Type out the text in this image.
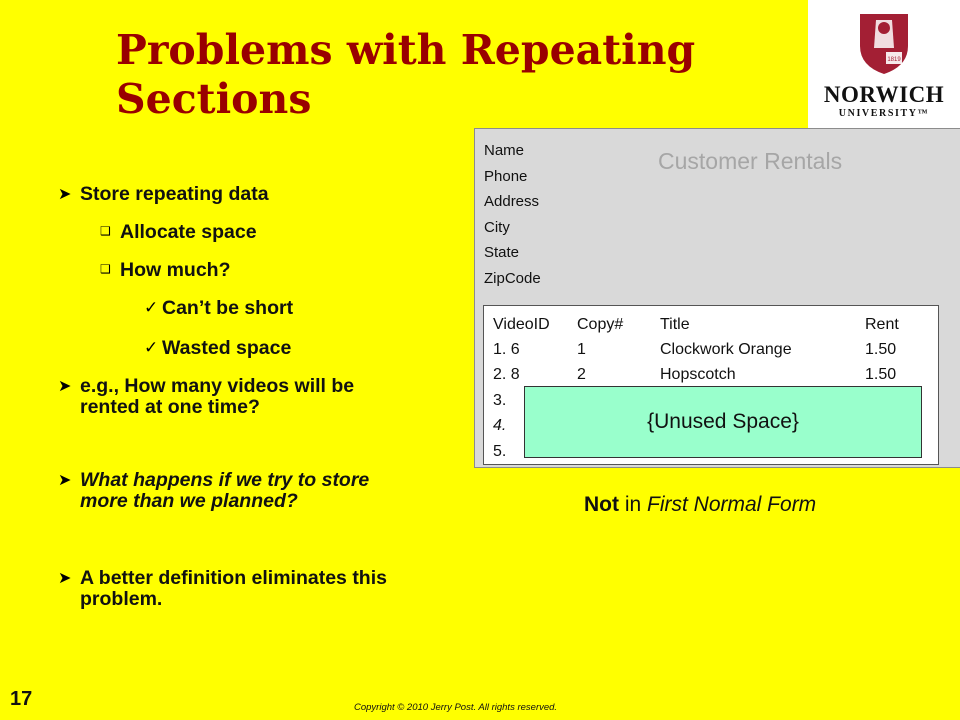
Problems with Repeating Sections
1819
NORWICH
UNIVERSITY™
➤ Store repeating data
❑ Allocate space
❑ How much?
✓ Can’t be short
✓ Wasted space
➤ e.g., How many videos will be rented at one time?
➤ What happens if we try to store more than we planned?
➤ A better definition eliminates this problem.
Name
Phone
Address
City
State
ZipCode
Customer Rentals
VideoID Copy# Title	Rent
1. 6	1	Clockwork Orange	1.50
2. 8	2	Hopscotch	1.50
3.
4.
5.
{Unused Space}
Not in First Normal Form
17	Copyright © 2010 Jerry Post. All rights reserved.
